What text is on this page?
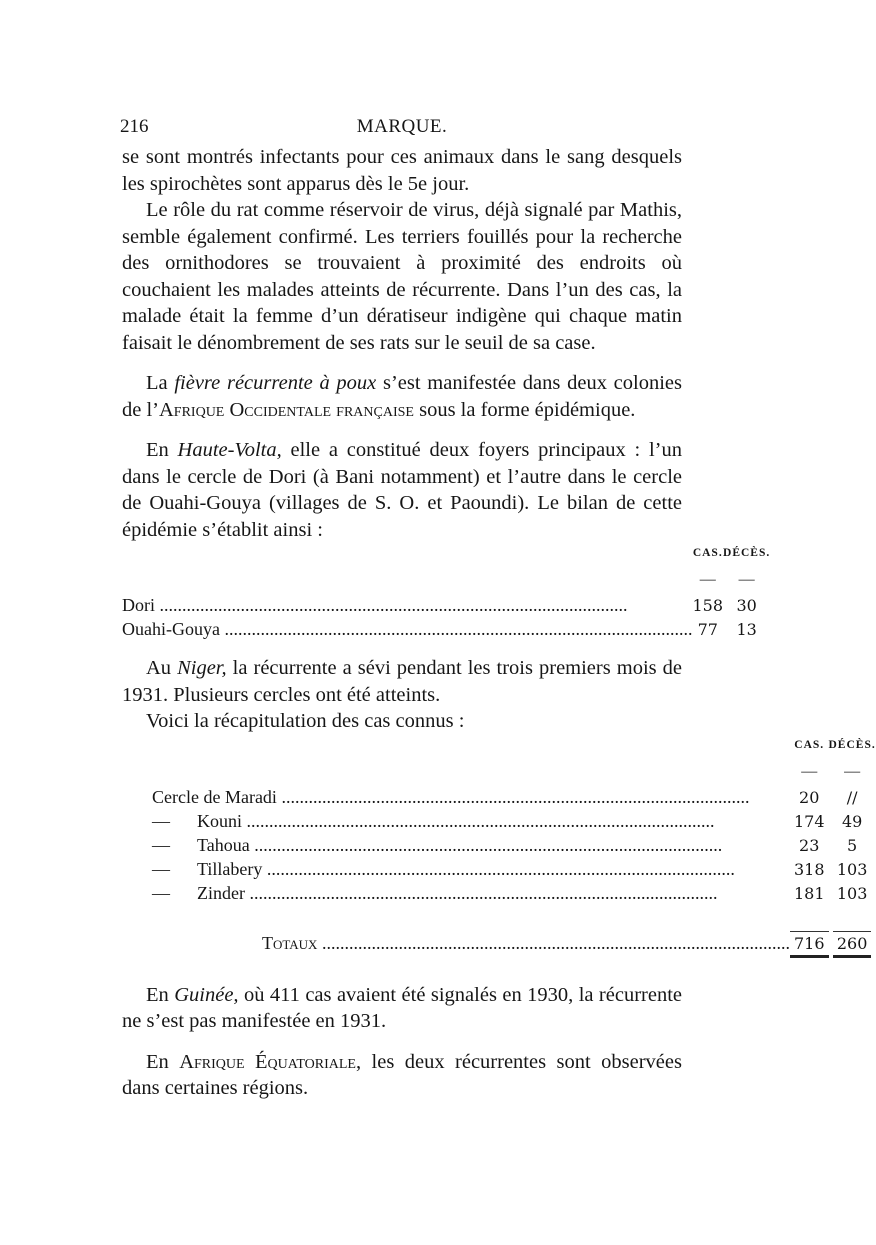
216	MARQUE.

se sont montrés infectants pour ces animaux dans le sang desquels les spirochètes sont apparus dès le 5e jour.

Le rôle du rat comme réservoir de virus, déjà signalé par Mathis, semble également confirmé. Les terriers fouillés pour la recherche des ornithodores se trouvaient à proximité des endroits où couchaient les malades atteints de récurrente. Dans l’un des cas, la malade était la femme d’un dératiseur indigène qui chaque matin faisait le dénombrement de ses rats sur le seuil de sa case.

La fièvre récurrente à poux s’est manifestée dans deux colonies de l’Afrique Occidentale française sous la forme épidémique.

En Haute-Volta, elle a constitué deux foyers principaux : l’un dans le cercle de Dori (à Bani notamment) et l’autre dans le cercle de Ouahi-Gouya (villages de S. O. et Paoundi). Le bilan de cette épidémie s’établit ainsi :

	CAS.	DÉCÈS.
	—	—
Dori .....	158	30
Ouahi-Gouya .....	77	13

Au Niger, la récurrente a sévi pendant les trois premiers mois de 1931. Plusieurs cercles ont été atteints.

Voici la récapitulation des cas connus :

	CAS.	DÉCÈS.
	—	—
Cercle de Maradi .....	20	//
— Kouni .....	174	49
— Tahoua .....	23	5
— Tillabery .....	318	103
— Zinder .....	181	103

Totaux .....	716	260

En Guinée, où 411 cas avaient été signalés en 1930, la récurrente ne s’est pas manifestée en 1931.

En Afrique Équatoriale, les deux récurrentes sont observées dans certaines régions.
